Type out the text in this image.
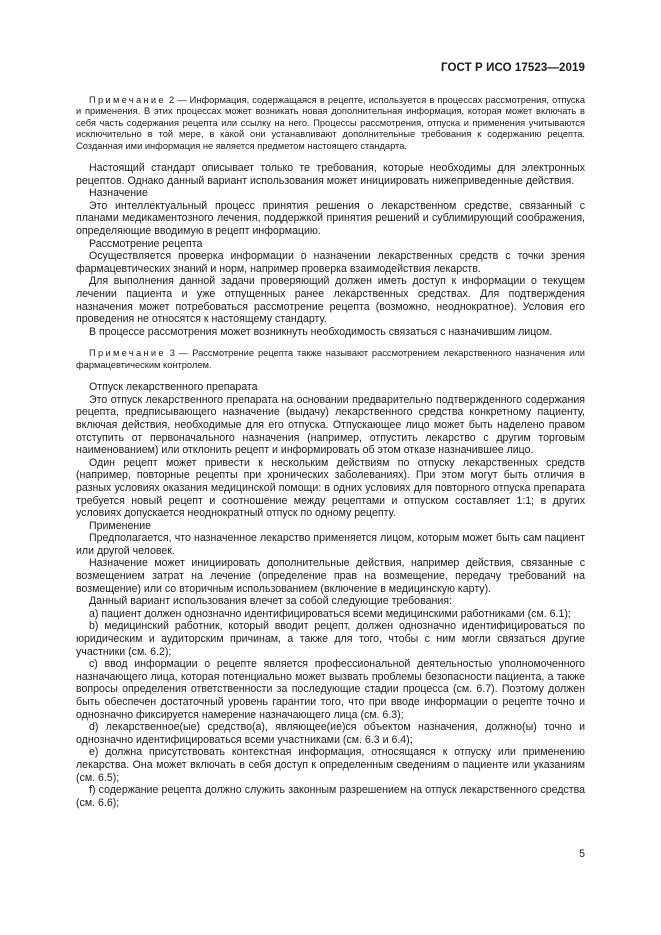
ГОСТ Р ИСО 17523—2019

Примечание 2 — Информация, содержащаяся в рецепте, используется в процессах рассмотрения, отпуска и применения. В этих процессах может возникать новая дополнительная информация, которая может включать в себя часть содержания рецепта или ссылку на него. Процессы рассмотрения, отпуска и применения учитываются исключительно в той мере, в какой они устанавливают дополнительные требования к содержанию рецепта. Созданная ими информация не является предметом настоящего стандарта.

Настоящий стандарт описывает только те требования, которые необходимы для электронных рецептов. Однако данный вариант использования может инициировать нижеприведенные действия.

Назначение

Это интеллектуальный процесс принятия решения о лекарственном средстве, связанный с планами медикаментозного лечения, поддержкой принятия решений и сублимирующий соображения, определяющие вводимую в рецепт информацию.

Рассмотрение рецепта

Осуществляется проверка информации о назначении лекарственных средств с точки зрения фармацевтических знаний и норм, например проверка взаимодействия лекарств.

Для выполнения данной задачи проверяющий должен иметь доступ к информации о текущем лечении пациента и уже отпущенных ранее лекарственных средствах. Для подтверждения назначения может потребоваться рассмотрение рецепта (возможно, неоднократное). Условия его проведения не относятся к настоящему стандарту.

В процессе рассмотрения может возникнуть необходимость связаться с назначившим лицом.

Примечание 3 — Рассмотрение рецепта также называют рассмотрением лекарственного назначения или фармацевтическим контролем.

Отпуск лекарственного препарата

Это отпуск лекарственного препарата на основании предварительно подтвержденного содержания рецепта, предписывающего назначение (выдачу) лекарственного средства конкретному пациенту, включая действия, необходимые для его отпуска. Отпускающее лицо может быть наделено правом отступить от первоначального назначения (например, отпустить лекарство с другим торговым наименованием) или отклонить рецепт и информировать об этом отказе назначившее лицо.

Один рецепт может привести к нескольким действиям по отпуску лекарственных средств (например, повторные рецепты при хронических заболеваниях). При этом могут быть отличия в разных условиях оказания медицинской помощи: в одних условиях для повторного отпуска препарата требуется новый рецепт и соотношение между рецептами и отпуском составляет 1:1; в других условиях допускается неоднократный отпуск по одному рецепту.

Применение

Предполагается, что назначенное лекарство применяется лицом, которым может быть сам пациент или другой человек.

Назначение может инициировать дополнительные действия, например действия, связанные с возмещением затрат на лечение (определение прав на возмещение, передачу требований на возмещение) или со вторичным использованием (включение в медицинскую карту).

Данный вариант использования влечет за собой следующие требования:

a) пациент должен однозначно идентифицироваться всеми медицинскими работниками (см. 6.1);

b) медицинский работник, который вводит рецепт, должен однозначно идентифицироваться по юридическим и аудиторским причинам, а также для того, чтобы с ним могли связаться другие участники (см. 6.2);

c) ввод информации о рецепте является профессиональной деятельностью уполномоченного назначающего лица, которая потенциально может вызвать проблемы безопасности пациента, а также вопросы определения ответственности за последующие стадии процесса (см. 6.7). Поэтому должен быть обеспечен достаточный уровень гарантии того, что при вводе информации о рецепте точно и однозначно фиксируется намерение назначающего лица (см. 6.3);

d) лекарственное(ые) средство(а), являющее(ие)ся объектом назначения, должно(ы) точно и однозначно идентифицироваться всеми участниками (см. 6.3 и 6.4);

e) должна присутствовать контекстная информация, относящаяся к отпуску или применению лекарства. Она может включать в себя доступ к определенным сведениям о пациенте или указаниям (см. 6.5);

f) содержание рецепта должно служить законным разрешением на отпуск лекарственного средства (см. 6.6);

5
